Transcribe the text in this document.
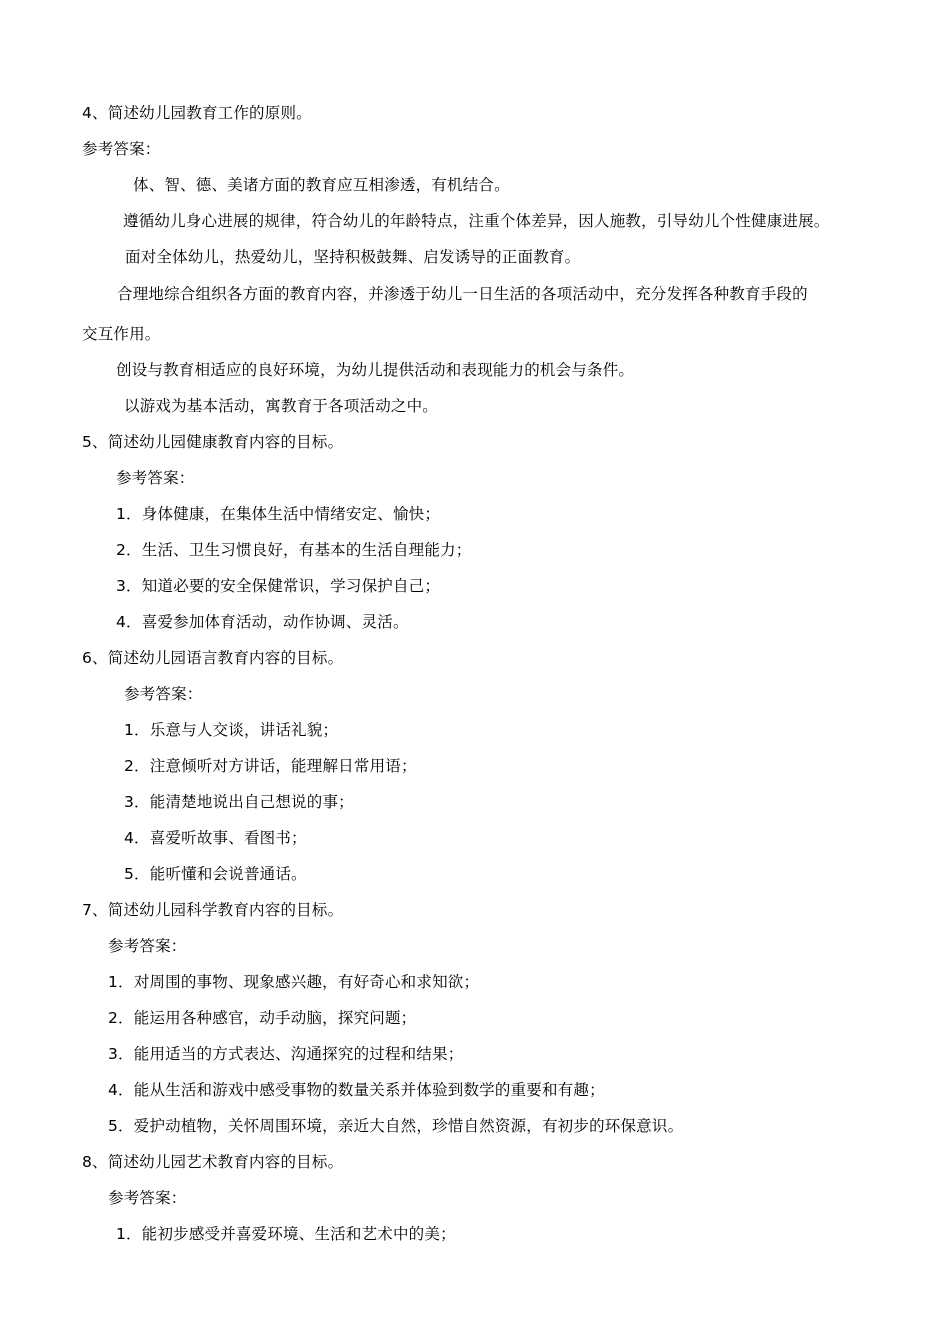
4、简述幼儿园教育工作的原则。
参考答案：
体、智、德、美诸方面的教育应互相渗透，有机结合。
遵循幼儿身心进展的规律，符合幼儿的年龄特点，注重个体差异，因人施教，引导幼儿个性健康进展。
面对全体幼儿，热爱幼儿，坚持积极鼓舞、启发诱导的正面教育。
合理地综合组织各方面的教育内容，并渗透于幼儿一日生活的各项活动中，充分发挥各种教育手段的
交互作用。
创设与教育相适应的良好环境，为幼儿提供活动和表现能力的机会与条件。
以游戏为基本活动，寓教育于各项活动之中。
5、简述幼儿园健康教育内容的目标。
参考答案：
1．身体健康，在集体生活中情绪安定、愉快；
2．生活、卫生习惯良好，有基本的生活自理能力；
3．知道必要的安全保健常识，学习保护自己；
4．喜爱参加体育活动，动作协调、灵活。
6、简述幼儿园语言教育内容的目标。
参考答案：
1．乐意与人交谈，讲话礼貌；
2．注意倾听对方讲话，能理解日常用语；
3．能清楚地说出自己想说的事；
4．喜爱听故事、看图书；
5．能听懂和会说普通话。
7、简述幼儿园科学教育内容的目标。
参考答案：
1．对周围的事物、现象感兴趣，有好奇心和求知欲；
2．能运用各种感官，动手动脑，探究问题；
3．能用适当的方式表达、沟通探究的过程和结果；
4．能从生活和游戏中感受事物的数量关系并体验到数学的重要和有趣；
5．爱护动植物，关怀周围环境，亲近大自然，珍惜自然资源，有初步的环保意识。
8、简述幼儿园艺术教育内容的目标。
参考答案：
1．能初步感受并喜爱环境、生活和艺术中的美；
